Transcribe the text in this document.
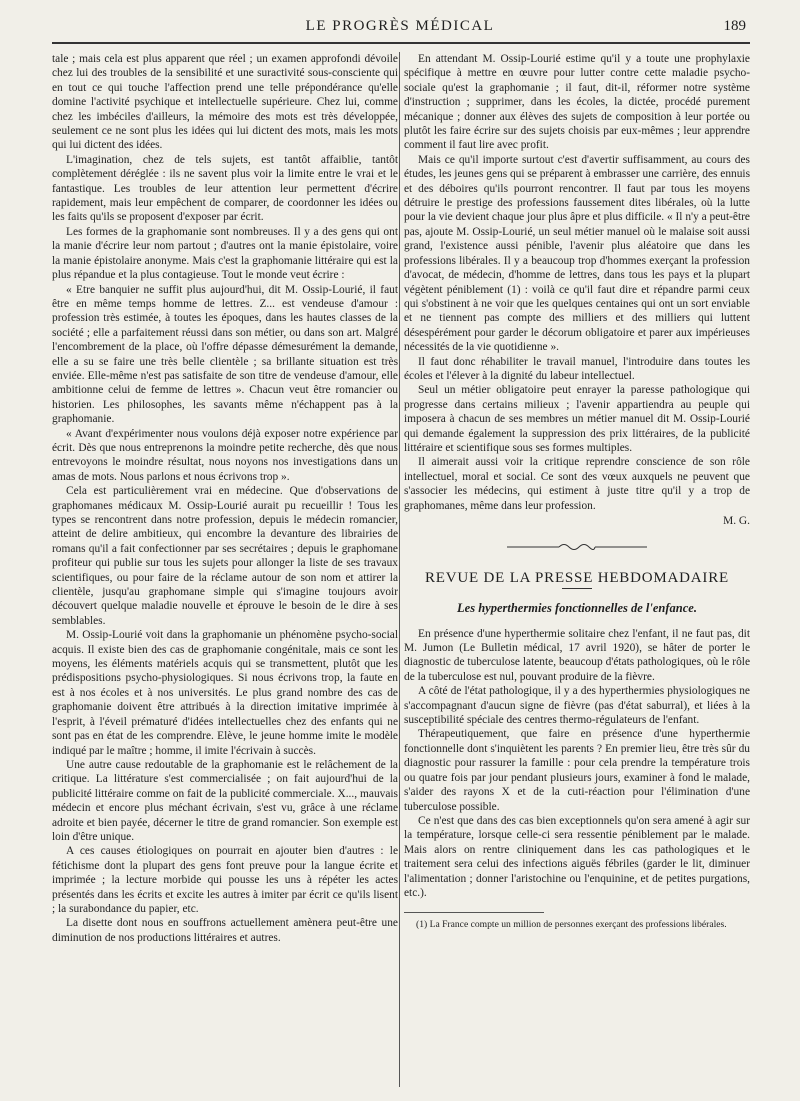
LE PROGRÈS MÉDICAL	189

tale ; mais cela est plus apparent que réel ; un examen approfondi dévoile chez lui des troubles de la sensibilité et une suractivité sous-consciente qui en tout ce qui touche l'affection prend une telle prépondérance qu'elle domine l'activité psychique et intellectuelle supérieure. Chez lui, comme chez les imbéciles d'ailleurs, la mémoire des mots est très développée, seulement ce ne sont plus les idées qui lui dictent des mots, mais les mots qui lui dictent des idées.

L'imagination, chez de tels sujets, est tantôt affaiblie, tantôt complètement déréglée : ils ne savent plus voir la limite entre le vrai et le fantastique. Les troubles de leur attention leur permettent d'écrire rapidement, mais leur empêchent de comparer, de coordonner les idées ou les faits qu'ils se proposent d'exposer par écrit.

Les formes de la graphomanie sont nombreuses. Il y a des gens qui ont la manie d'écrire leur nom partout ; d'autres ont la manie épistolaire, voire la manie épistolaire anonyme. Mais c'est la graphomanie littéraire qui est la plus répandue et la plus contagieuse. Tout le monde veut écrire :

« Etre banquier ne suffit plus aujourd'hui, dit M. Ossip-Lourié, il faut être en même temps homme de lettres. Z... est vendeuse d'amour : profession très estimée, à toutes les époques, dans les hautes classes de la société ; elle a parfaitement réussi dans son métier, ou dans son art. Malgré l'encombrement de la place, où l'offre dépasse démesurément la demande, elle a su se faire une très belle clientèle ; sa brillante situation est très enviée. Elle-même n'est pas satisfaite de son titre de vendeuse d'amour, elle ambitionne celui de femme de lettres ». Chacun veut être romancier ou historien. Les philosophes, les savants même n'échappent pas à la graphomanie.

« Avant d'expérimenter nous voulons déjà exposer notre expérience par écrit. Dès que nous entreprenons la moindre petite recherche, dès que nous entrevoyons le moindre résultat, nous noyons nos investigations dans un amas de mots. Nous parlons et nous écrivons trop ».

Cela est particulièrement vrai en médecine. Que d'observations de graphomanes médicaux M. Ossip-Lourié aurait pu recueillir ! Tous les types se rencontrent dans notre profession, depuis le médecin romancier, atteint de delire ambitieux, qui encombre la devanture des librairies de romans qu'il a fait confectionner par ses secrétaires ; depuis le graphomane profiteur qui publie sur tous les sujets pour allonger la liste de ses travaux scientifiques, ou pour faire de la réclame autour de son nom et attirer la clientèle, jusqu'au graphomane simple qui s'imagine toujours avoir découvert quelque maladie nouvelle et éprouve le besoin de le dire à ses semblables.

M. Ossip-Lourié voit dans la graphomanie un phénomène psycho-social acquis. Il existe bien des cas de graphomanie congénitale, mais ce sont les moyens, les éléments matériels acquis qui se transmettent, plutôt que les prédispositions psycho-physiologiques. Si nous écrivons trop, la faute en est à nos écoles et à nos universités. Le plus grand nombre des cas de graphomanie doivent être attribués à la direction imitative imprimée à l'esprit, à l'éveil prématuré d'idées intellectuelles chez des enfants qui ne sont pas en état de les comprendre. Elève, le jeune homme imite le modèle indiqué par le maître ; homme, il imite l'écrivain à succès.

Une autre cause redoutable de la graphomanie est le relâchement de la critique. La littérature s'est commercialisée ; on fait aujourd'hui de la publicité littéraire comme on fait de la publicité commerciale. X..., mauvais médecin et encore plus méchant écrivain, s'est vu, grâce à une réclame adroite et bien payée, décerner le titre de grand romancier. Son exemple est loin d'être unique.

A ces causes étiologiques on pourrait en ajouter bien d'autres : le fétichisme dont la plupart des gens font preuve pour la langue écrite et imprimée ; la lecture morbide qui pousse les uns à répéter les actes présentés dans les écrits et excite les autres à imiter par écrit ce qu'ils lisent ; la surabondance du papier, etc.

La disette dont nous en souffrons actuellement amènera peut-être une diminution de nos productions littéraires et autres.

En attendant M. Ossip-Lourié estime qu'il y a toute une prophylaxie spécifique à mettre en œuvre pour lutter contre cette maladie psycho-sociale qu'est la graphomanie ; il faut, dit-il, réformer notre système d'instruction ; supprimer, dans les écoles, la dictée, procédé purement mécanique ; donner aux élèves des sujets de composition à leur portée ou plutôt les faire écrire sur des sujets choisis par eux-mêmes ; leur apprendre comment il faut lire avec profit.

Mais ce qu'il importe surtout c'est d'avertir suffisamment, au cours des études, les jeunes gens qui se préparent à embrasser une carrière, des ennuis et des déboires qu'ils pourront rencontrer. Il faut par tous les moyens détruire le prestige des professions faussement dites libérales, où la lutte pour la vie devient chaque jour plus âpre et plus difficile. « Il n'y a peut-être pas, ajoute M. Ossip-Lourié, un seul métier manuel où le malaise soit aussi grand, l'existence aussi pénible, l'avenir plus aléatoire que dans les professions libérales. Il y a beaucoup trop d'hommes exerçant la profession d'avocat, de médecin, d'homme de lettres, dans tous les pays et la plupart végètent péniblement (1) : voilà ce qu'il faut dire et répandre parmi ceux qui s'obstinent à ne voir que les quelques centaines qui ont un sort enviable et ne tiennent pas compte des milliers et des milliers qui luttent désespérément pour garder le décorum obligatoire et parer aux impérieuses nécessités de la vie quotidienne ».

Il faut donc réhabiliter le travail manuel, l'introduire dans toutes les écoles et l'élever à la dignité du labeur intellectuel.

Seul un métier obligatoire peut enrayer la paresse pathologique qui progresse dans certains milieux ; l'avenir appartiendra au peuple qui imposera à chacun de ses membres un métier manuel dit M. Ossip-Lourié qui demande également la suppression des prix littéraires, de la publicité littéraire et scientifique sous ses formes multiples.

Il aimerait aussi voir la critique reprendre conscience de son rôle intellectuel, moral et social. Ce sont des vœux auxquels ne peuvent que s'associer les médecins, qui estiment à juste titre qu'il y a trop de graphomanes, même dans leur profession.

M. G.
REVUE DE LA PRESSE HEBDOMADAIRE
Les hyperthermies fonctionnelles de l'enfance.

En présence d'une hyperthermie solitaire chez l'enfant, il ne faut pas, dit M. Jumon (Le Bulletin médical, 17 avril 1920), se hâter de porter le diagnostic de tuberculose latente, beaucoup d'états pathologiques, où le rôle de la tuberculose est nul, pouvant produire de la fièvre.

A côté de l'état pathologique, il y a des hyperthermies physiologiques ne s'accompagnant d'aucun signe de fièvre (pas d'état saburral), et liées à la susceptibilité spéciale des centres thermo-régulateurs de l'enfant.

Thérapeutiquement, que faire en présence d'une hyperthermie fonctionnelle dont s'inquiètent les parents ? En premier lieu, être très sûr du diagnostic pour rassurer la famille : pour cela prendre la température trois ou quatre fois par jour pendant plusieurs jours, examiner à fond le malade, s'aider des rayons X et de la cuti-réaction pour l'élimination d'une tuberculose possible.

Ce n'est que dans des cas bien exceptionnels qu'on sera amené à agir sur la température, lorsque celle-ci sera ressentie péniblement par le malade. Mais alors on rentre cliniquement dans les cas pathologiques et le traitement sera celui des infections aiguës fébriles (garder le lit, diminuer l'alimentation ; donner l'aristochine ou l'enquinine, et de petites purgations, etc.).

(1) La France compte un million de personnes exerçant des professions libérales.
